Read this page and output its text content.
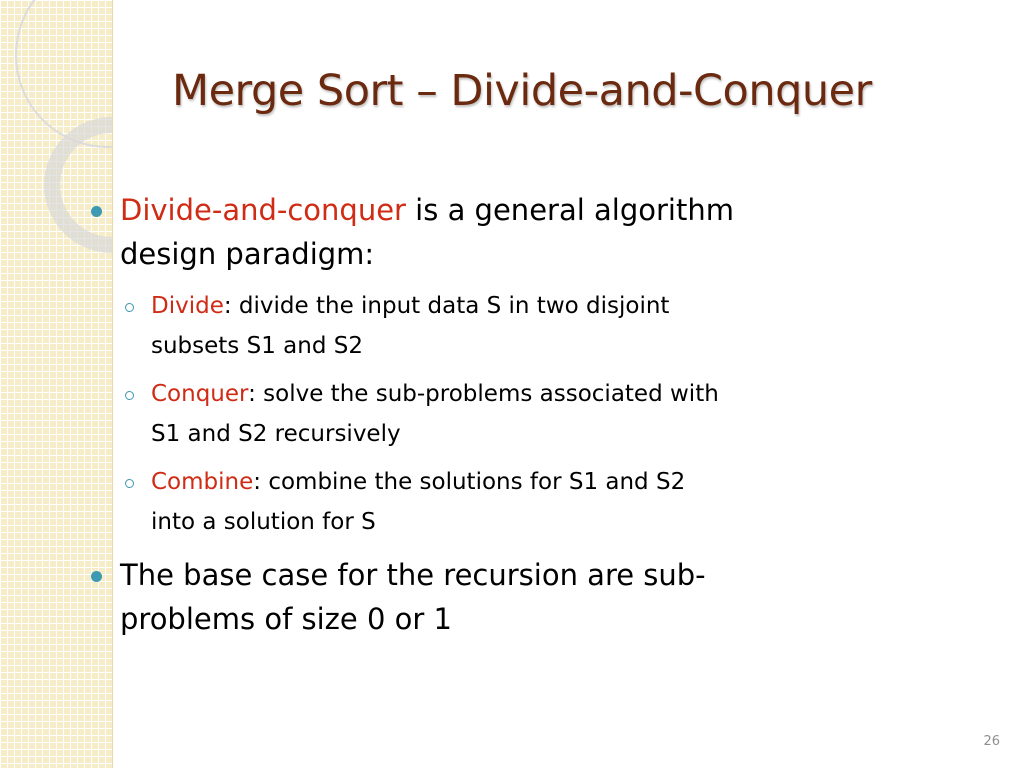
Merge Sort – Divide-and-Conquer
Divide-and-conquer is a general algorithm
design paradigm:
Divide: divide the input data S in two disjoint
subsets S1 and S2
Conquer: solve the sub-problems associated with
S1 and S2 recursively
Combine: combine the solutions for S1 and S2
into a solution for S
The base case for the recursion are sub-
problems of size 0 or 1
26
